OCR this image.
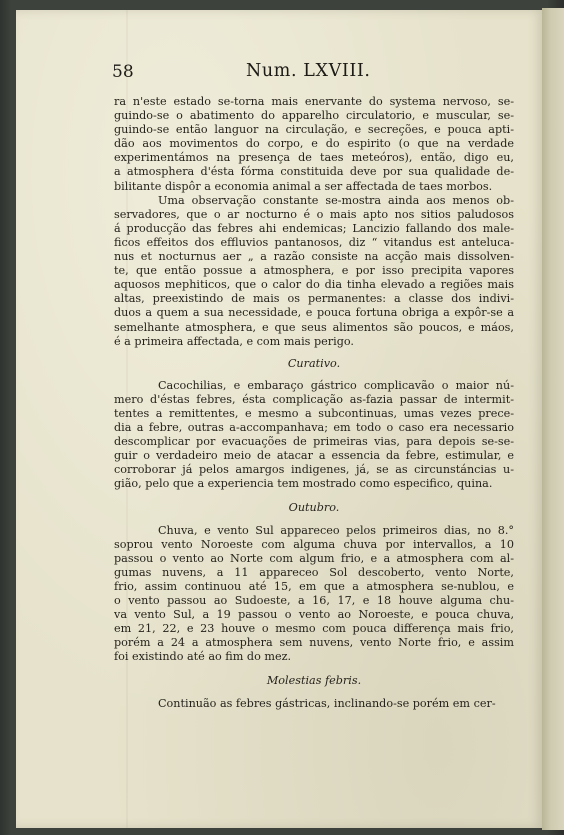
58	Num. LXVIII.
ra n'este estado se-torna mais enervante do systema nervoso, se-
guindo-se o abatimento do apparelho circulatorio, e muscular, se-
guindo-se então languor na circulação, e secreções, e pouca apti-
dão aos movimentos do corpo, e do espirito (o que na verdade
experimentámos na presença de taes meteóros), então, digo eu,
a atmosphera d'ésta fórma constituida deve por sua qualidade de-
bilitante dispôr a economia animal a ser affectada de taes morbos.
Uma observação constante se-mostra ainda aos menos ob-
servadores, que o ar nocturno é o mais apto nos sitios paludosos
á producção das febres ahi endemicas; Lancizio fallando dos male-
ficos effeitos dos effluvios pantanosos, diz “ vitandus est anteluca-
nus et nocturnus aer „ a razão consiste na acção mais dissolven-
te, que então possue a atmosphera, e por isso precipita vapores
aquosos mephiticos, que o calor do dia tinha elevado a regiões mais
altas, preexistindo de mais os permanentes: a classe dos indivi-
duos a quem a sua necessidade, e pouca fortuna obriga a expôr-se a
semelhante atmosphera, e que seus alimentos são poucos, e máos,
é a primeira affectada, e com mais perigo.
Curativo.
Cacochilias, e embaraço gástrico complicavão o maior nú-
mero d'éstas febres, ésta complicação as-fazia passar de intermit-
tentes a remittentes, e mesmo a subcontinuas, umas vezes prece-
dia a febre, outras a-accompanhava; em todo o caso era necessario
descomplicar por evacuações de primeiras vias, para depois se-se-
guir o verdadeiro meio de atacar a essencia da febre, estimular, e
corroborar já pelos amargos indigenes, já, se as circunstáncias u-
gião, pelo que a experiencia tem mostrado como especifico, quina.
Outubro.
Chuva, e vento Sul appareceo pelos primeiros dias, no 8.°
soprou vento Noroeste com alguma chuva por intervallos, a 10
passou o vento ao Norte com algum frio, e a atmosphera com al-
gumas nuvens, a 11 appareceo Sol descoberto, vento Norte,
frio, assim continuou até 15, em que a atmosphera se-nublou, e
o vento passou ao Sudoeste, a 16, 17, e 18 houve alguma chu-
va vento Sul, a 19 passou o vento ao Noroeste, e pouca chuva,
em 21, 22, e 23 houve o mesmo com pouca differença mais frio,
porém a 24 a atmosphera sem nuvens, vento Norte frio, e assim
foi existindo até ao fim do mez.
Molestias febris.
Continuão as febres gástricas, inclinando-se porém em cer-
